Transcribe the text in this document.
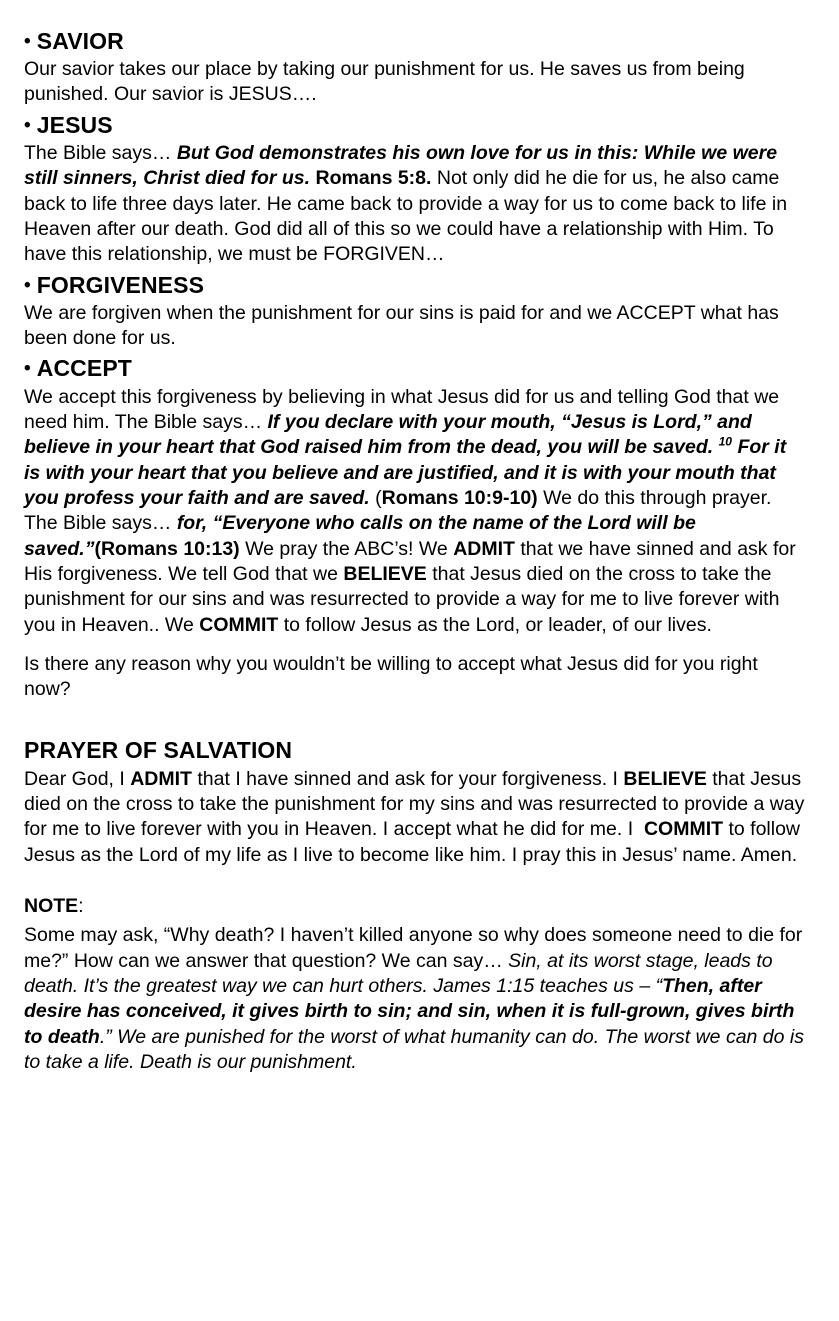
• SAVIOR

Our savior takes our place by taking our punishment for us. He saves us from being punished. Our savior is JESUS….

• JESUS

The Bible says… But God demonstrates his own love for us in this: While we were still sinners, Christ died for us. Romans 5:8. Not only did he die for us, he also came back to life three days later. He came back to provide a way for us to come back to life in Heaven after our death. God did all of this so we could have a relationship with Him. To have this relationship, we must be FORGIVEN…

• FORGIVENESS

We are forgiven when the punishment for our sins is paid for and we ACCEPT what has been done for us.

• ACCEPT

We accept this forgiveness by believing in what Jesus did for us and telling God that we need him. The Bible says… If you declare with your mouth, “Jesus is Lord,” and believe in your heart that God raised him from the dead, you will be saved. $^{10}$ For it is with your heart that you believe and are justified, and it is with your mouth that you profess your faith and are saved. (Romans 10:9-10) We do this through prayer. The Bible says… for, “Everyone who calls on the name of the Lord will be saved.”(Romans 10:13) We pray the ABC’s! We ADMIT that we have sinned and ask for His forgiveness. We tell God that we BELIEVE that Jesus died on the cross to take the punishment for our sins and was resurrected to provide a way for me to live forever with you in Heaven.. We COMMIT to follow Jesus as the Lord, or leader, of our lives.

Is there any reason why you wouldn’t be willing to accept what Jesus did for you right now?

PRAYER OF SALVATION

Dear God, I ADMIT that I have sinned and ask for your forgiveness. I BELIEVE that Jesus died on the cross to take the punishment for my sins and was resurrected to provide a way for me to live forever with you in Heaven. I accept what he did for me. I  COMMIT to follow Jesus as the Lord of my life as I live to become like him. I pray this in Jesus’ name. Amen.

NOTE:

Some may ask, “Why death? I haven’t killed anyone so why does someone need to die for me?” How can we answer that question? We can say… Sin, at its worst stage, leads to death. It’s the greatest way we can hurt others. James 1:15 teaches us – “Then, after desire has conceived, it gives birth to sin; and sin, when it is full-grown, gives birth to death.” We are punished for the worst of what humanity can do. The worst we can do is to take a life. Death is our punishment.
